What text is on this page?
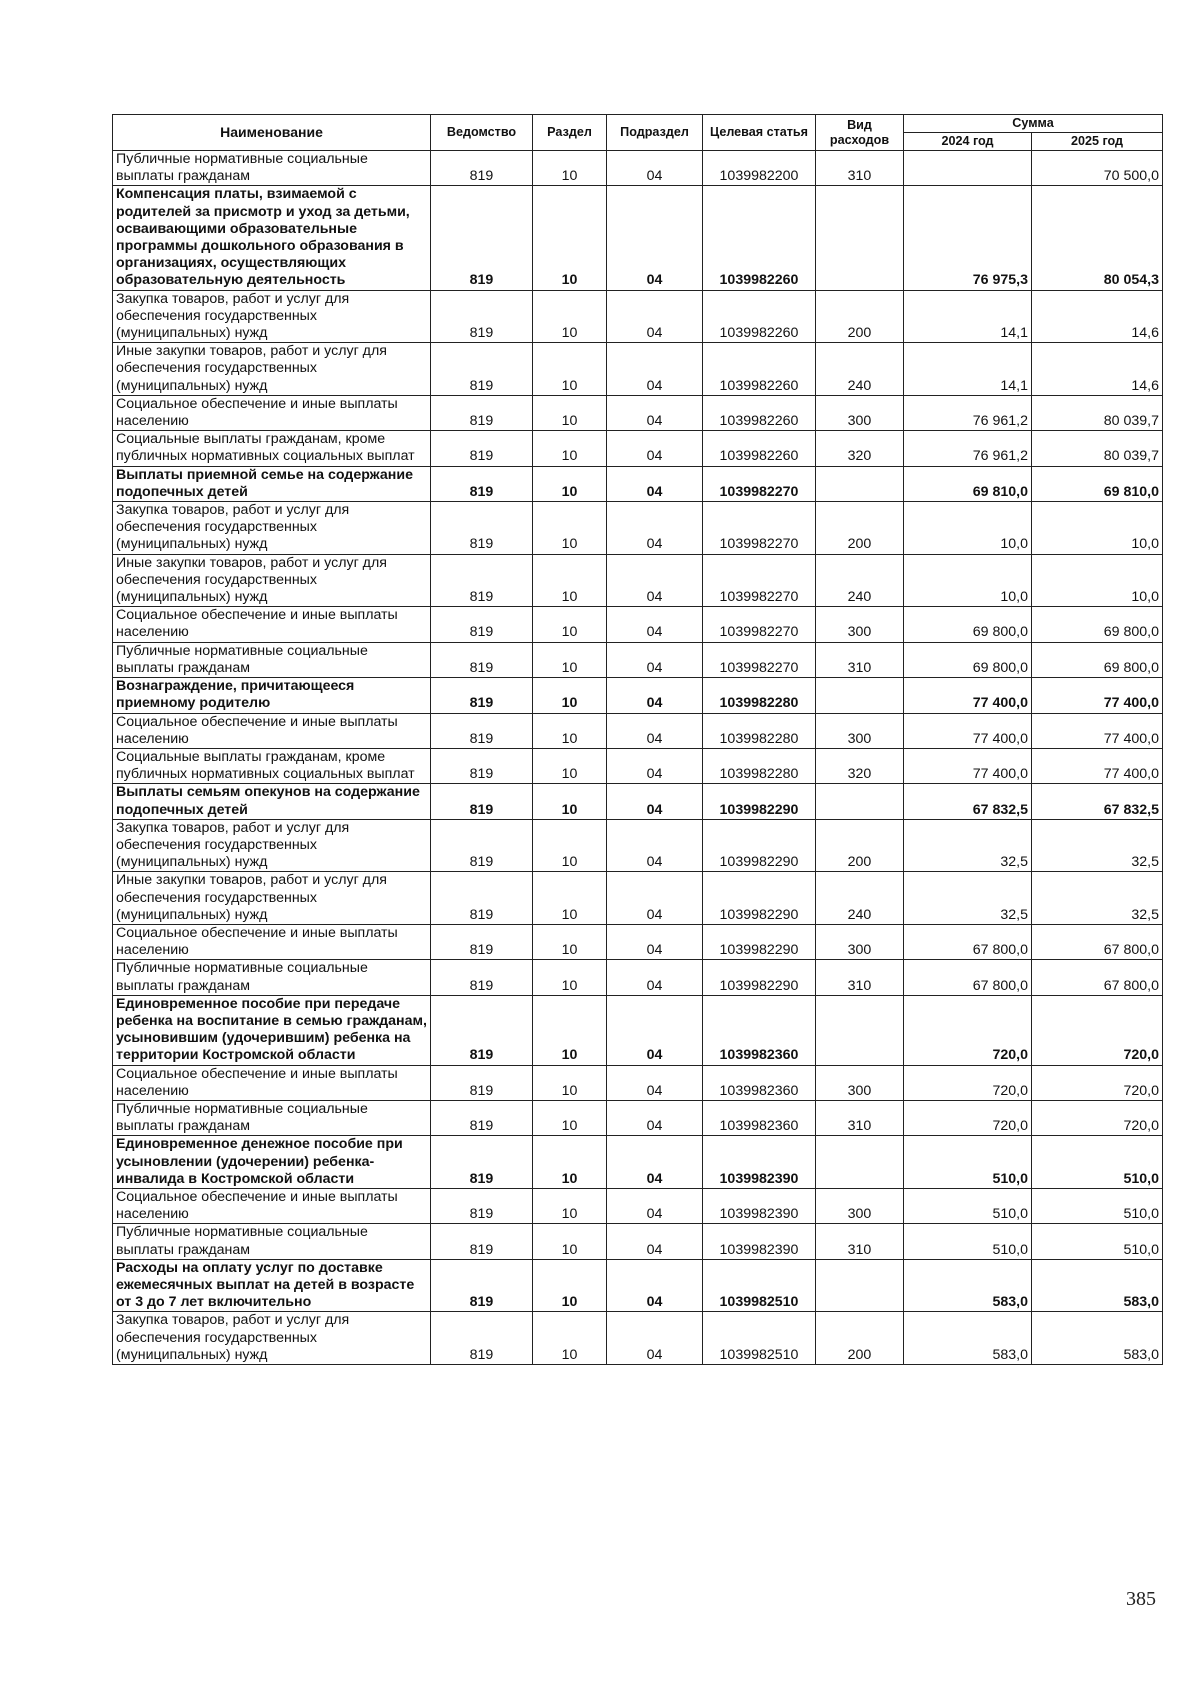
Наименование	Ведомство	Раздел	Подраздел	Целевая статья	Вид расходов	Сумма	
						2024 год	2025 год
Публичные нормативные социальные выплаты гражданам	819	10	04	1039982200	310		70 500,0
Компенсация платы, взимаемой с родителей за присмотр и уход за детьми, осваивающими образовательные программы дошкольного образования в организациях, осуществляющих образовательную деятельность	819	10	04	1039982260		76 975,3	80 054,3
Закупка товаров, работ и услуг для обеспечения государственных (муниципальных) нужд	819	10	04	1039982260	200	14,1	14,6
Иные закупки товаров, работ и услуг для обеспечения государственных (муниципальных) нужд	819	10	04	1039982260	240	14,1	14,6
Социальное обеспечение и иные выплаты населению	819	10	04	1039982260	300	76 961,2	80 039,7
Социальные выплаты гражданам, кроме публичных нормативных социальных выплат	819	10	04	1039982260	320	76 961,2	80 039,7
Выплаты приемной семье на содержание подопечных детей	819	10	04	1039982270		69 810,0	69 810,0
Закупка товаров, работ и услуг для обеспечения государственных (муниципальных) нужд	819	10	04	1039982270	200	10,0	10,0
Иные закупки товаров, работ и услуг для обеспечения государственных (муниципальных) нужд	819	10	04	1039982270	240	10,0	10,0
Социальное обеспечение и иные выплаты населению	819	10	04	1039982270	300	69 800,0	69 800,0
Публичные нормативные социальные выплаты гражданам	819	10	04	1039982270	310	69 800,0	69 800,0
Вознаграждение, причитающееся приемному родителю	819	10	04	1039982280		77 400,0	77 400,0
Социальное обеспечение и иные выплаты населению	819	10	04	1039982280	300	77 400,0	77 400,0
Социальные выплаты гражданам, кроме публичных нормативных социальных выплат	819	10	04	1039982280	320	77 400,0	77 400,0
Выплаты семьям опекунов на содержание подопечных детей	819	10	04	1039982290		67 832,5	67 832,5
Закупка товаров, работ и услуг для обеспечения государственных (муниципальных) нужд	819	10	04	1039982290	200	32,5	32,5
Иные закупки товаров, работ и услуг для обеспечения государственных (муниципальных) нужд	819	10	04	1039982290	240	32,5	32,5
Социальное обеспечение и иные выплаты населению	819	10	04	1039982290	300	67 800,0	67 800,0
Публичные нормативные социальные выплаты гражданам	819	10	04	1039982290	310	67 800,0	67 800,0
Единовременное пособие при передаче ребенка на воспитание в семью гражданам, усыновившим (удочерившим) ребенка на территории Костромской области	819	10	04	1039982360		720,0	720,0
Социальное обеспечение и иные выплаты населению	819	10	04	1039982360	300	720,0	720,0
Публичные нормативные социальные выплаты гражданам	819	10	04	1039982360	310	720,0	720,0
Единовременное денежное пособие при усыновлении (удочерении) ребенка-инвалида в Костромской области	819	10	04	1039982390		510,0	510,0
Социальное обеспечение и иные выплаты населению	819	10	04	1039982390	300	510,0	510,0
Публичные нормативные социальные выплаты гражданам	819	10	04	1039982390	310	510,0	510,0
Расходы на оплату услуг по доставке ежемесячных выплат на детей в возрасте от 3 до 7 лет включительно	819	10	04	1039982510		583,0	583,0
Закупка товаров, работ и услуг для обеспечения государственных (муниципальных) нужд	819	10	04	1039982510	200	583,0	583,0
385
